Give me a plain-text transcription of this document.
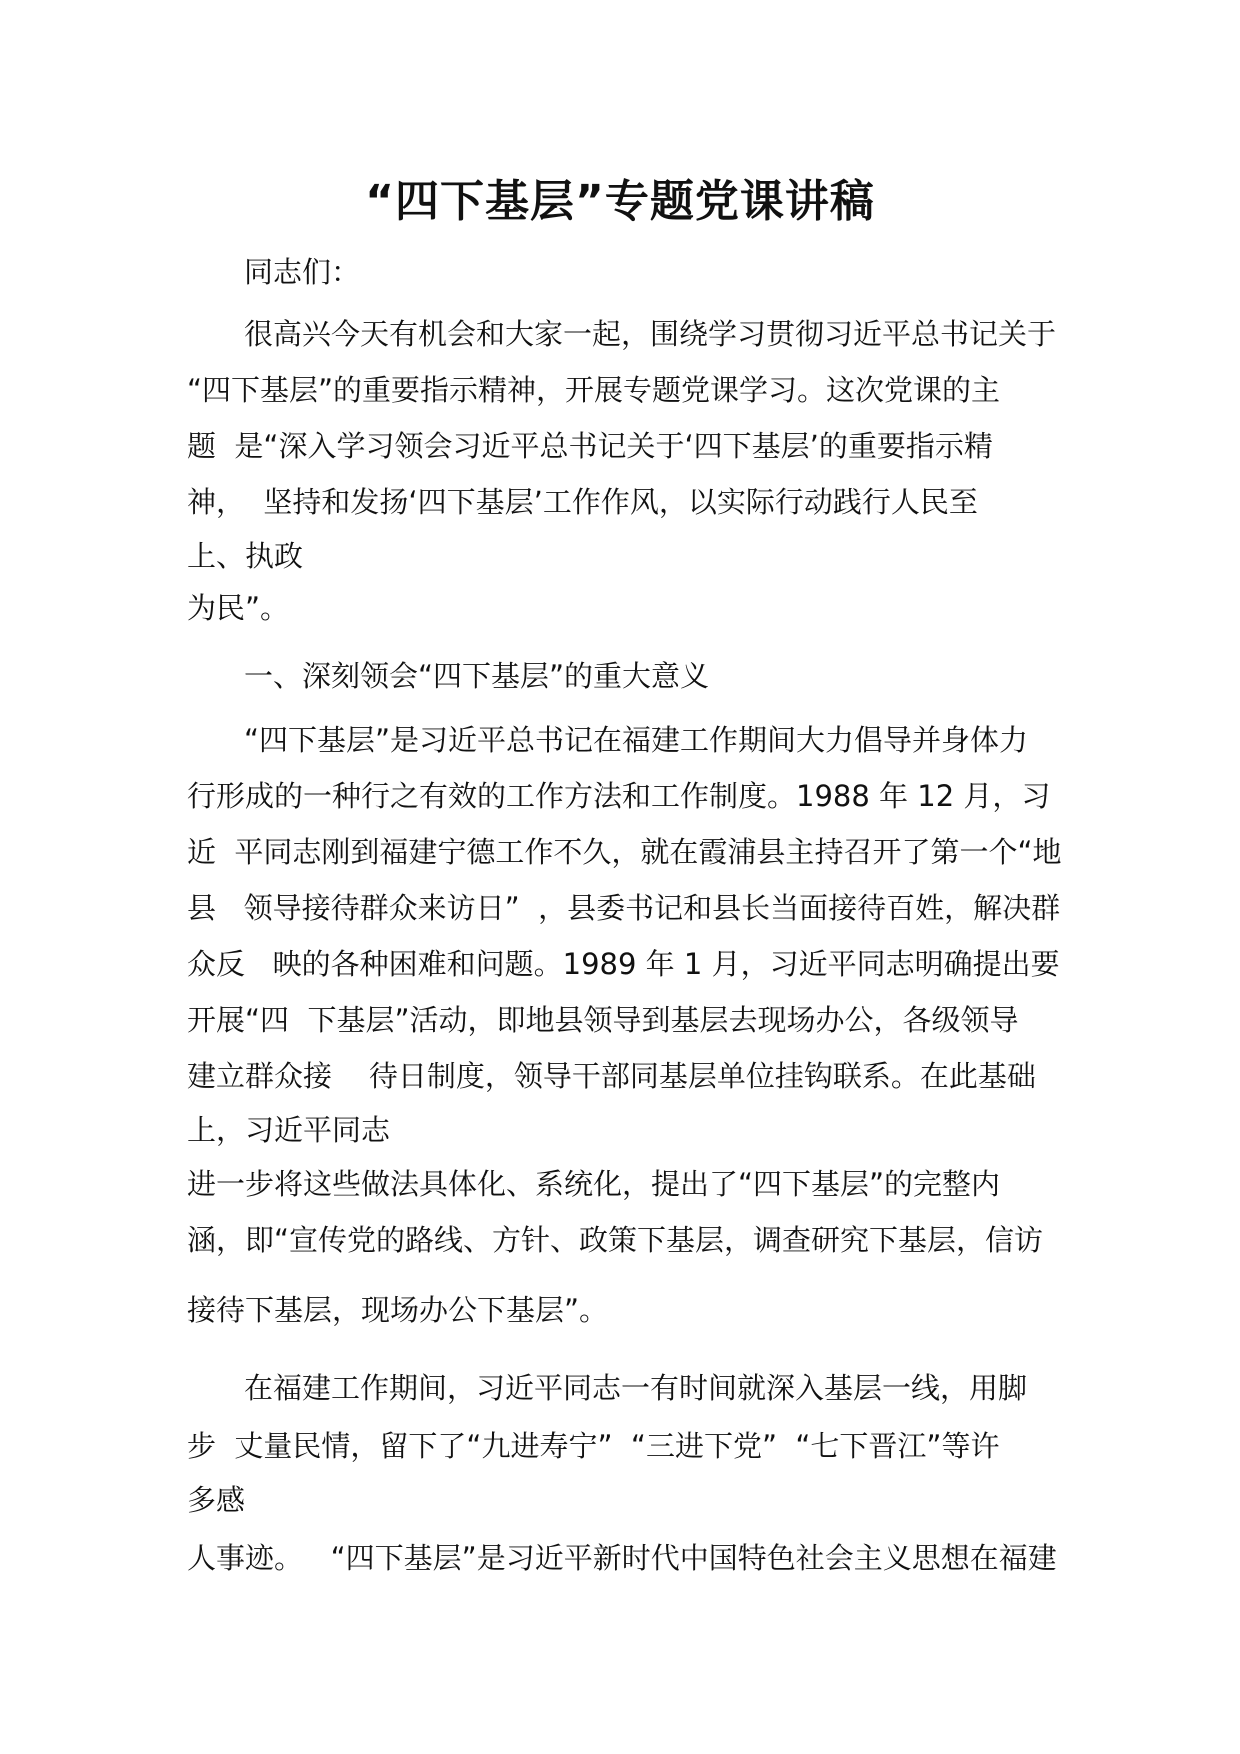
“四下基层”专题党课讲稿

同志们：

很高兴今天有机会和大家一起，围绕学习贯彻习近平总书记关于

“四下基层”的重要指示精神，开展专题党课学习。这次党课的主

题  是“深入学习领会习近平总书记关于‘四下基层’的重要指示精

神，  坚持和发扬‘四下基层’工作作风，以实际行动践行人民至

上、执政

为民”。

一、深刻领会“四下基层”的重大意义

“四下基层”是习近平总书记在福建工作期间大力倡导并身体力

行形成的一种行之有效的工作方法和工作制度。1988 年 12 月，习

近  平同志刚到福建宁德工作不久，就在霞浦县主持召开了第一个“地

县   领导接待群众来访日”  ，县委书记和县长当面接待百姓，解决群

众反   映的各种困难和问题。1989 年 1 月，习近平同志明确提出要

开展“四  下基层”活动，即地县领导到基层去现场办公，各级领导

建立群众接    待日制度，领导干部同基层单位挂钩联系。在此基础

上，习近平同志

进一步将这些做法具体化、系统化，提出了“四下基层”的完整内

涵，即“宣传党的路线、方针、政策下基层，调查研究下基层，信访

接待下基层，现场办公下基层”。

在福建工作期间，习近平同志一有时间就深入基层一线，用脚

步  丈量民情，留下了“九进寿宁”  “三进下党”  “七下晋江”等许

多感

人事迹。   “四下基层”是习近平新时代中国特色社会主义思想在福建
